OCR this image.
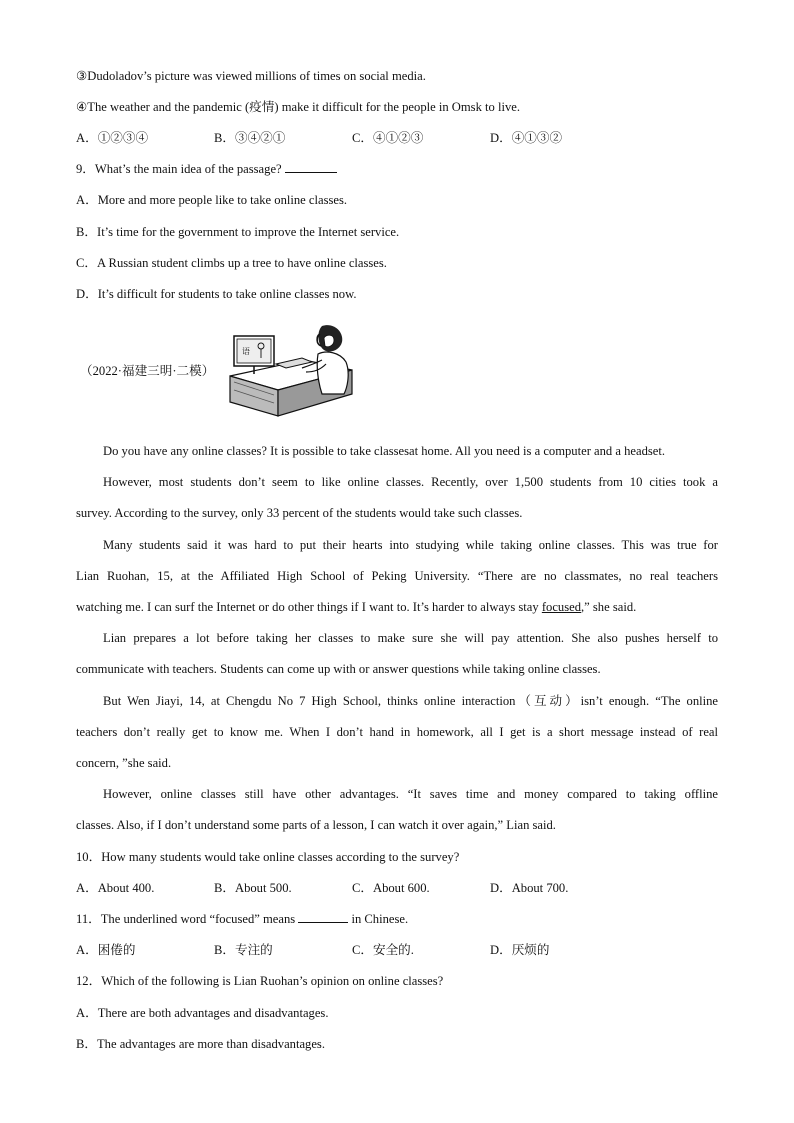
③Dudoladov’s picture was viewed millions of times on social media.
④The weather and the pandemic (疫情) make it difficult for the people in Omsk to live.
A．①②③④	B．③④②①	C．④①②③	D．④①③②
9．What’s the main idea of the passage?
A．More and more people like to take online classes.
B．It’s time for the government to improve the Internet service.
C．A Russian student climbs up a tree to have online classes.
D．It’s difficult for students to take online classes now.
（2022·福建三明·二模）
语
Do you have any online classes? It is possible to take classesat home. All you need is a computer and a headset.
However, most students don’t seem to like online classes. Recently, over 1,500 students from 10 cities took a
survey. According to the survey, only 33 percent of the students would take such classes.
Many students said it was hard to put their hearts into studying while taking online classes. This was true for
Lian Ruohan, 15, at the Affiliated High School of Peking University. “There are no classmates, no real teachers
watching me. I can surf the Internet or do other things if I want to. It’s harder to always stay focused,” she said.
Lian prepares a lot before taking her classes to make sure she will pay attention. She also pushes herself to
communicate with teachers. Students can come up with or answer questions while taking online classes.
But Wen Jiayi, 14, at Chengdu No 7 High School, thinks online interaction（互动）isn’t enough. “The online
teachers don’t really get to know me. When I don’t hand in homework, all I get is a short message instead of real
concern, ”she said.
However, online classes still have other advantages. “It saves time and money compared to taking offline
classes. Also, if I don’t understand some parts of a lesson, I can watch it over again,” Lian said.
10．How many students would take online classes according to the survey?
A．About 400.	B．About 500.	C．About 600.	D．About 700.
11．The underlined word “focused” means	in Chinese.
A．困倦的	B．专注的	C．安全的.	D．厌烦的
12．Which of the following is Lian Ruohan’s opinion on online classes?
A．There are both advantages and disadvantages.
B．The advantages are more than disadvantages.
